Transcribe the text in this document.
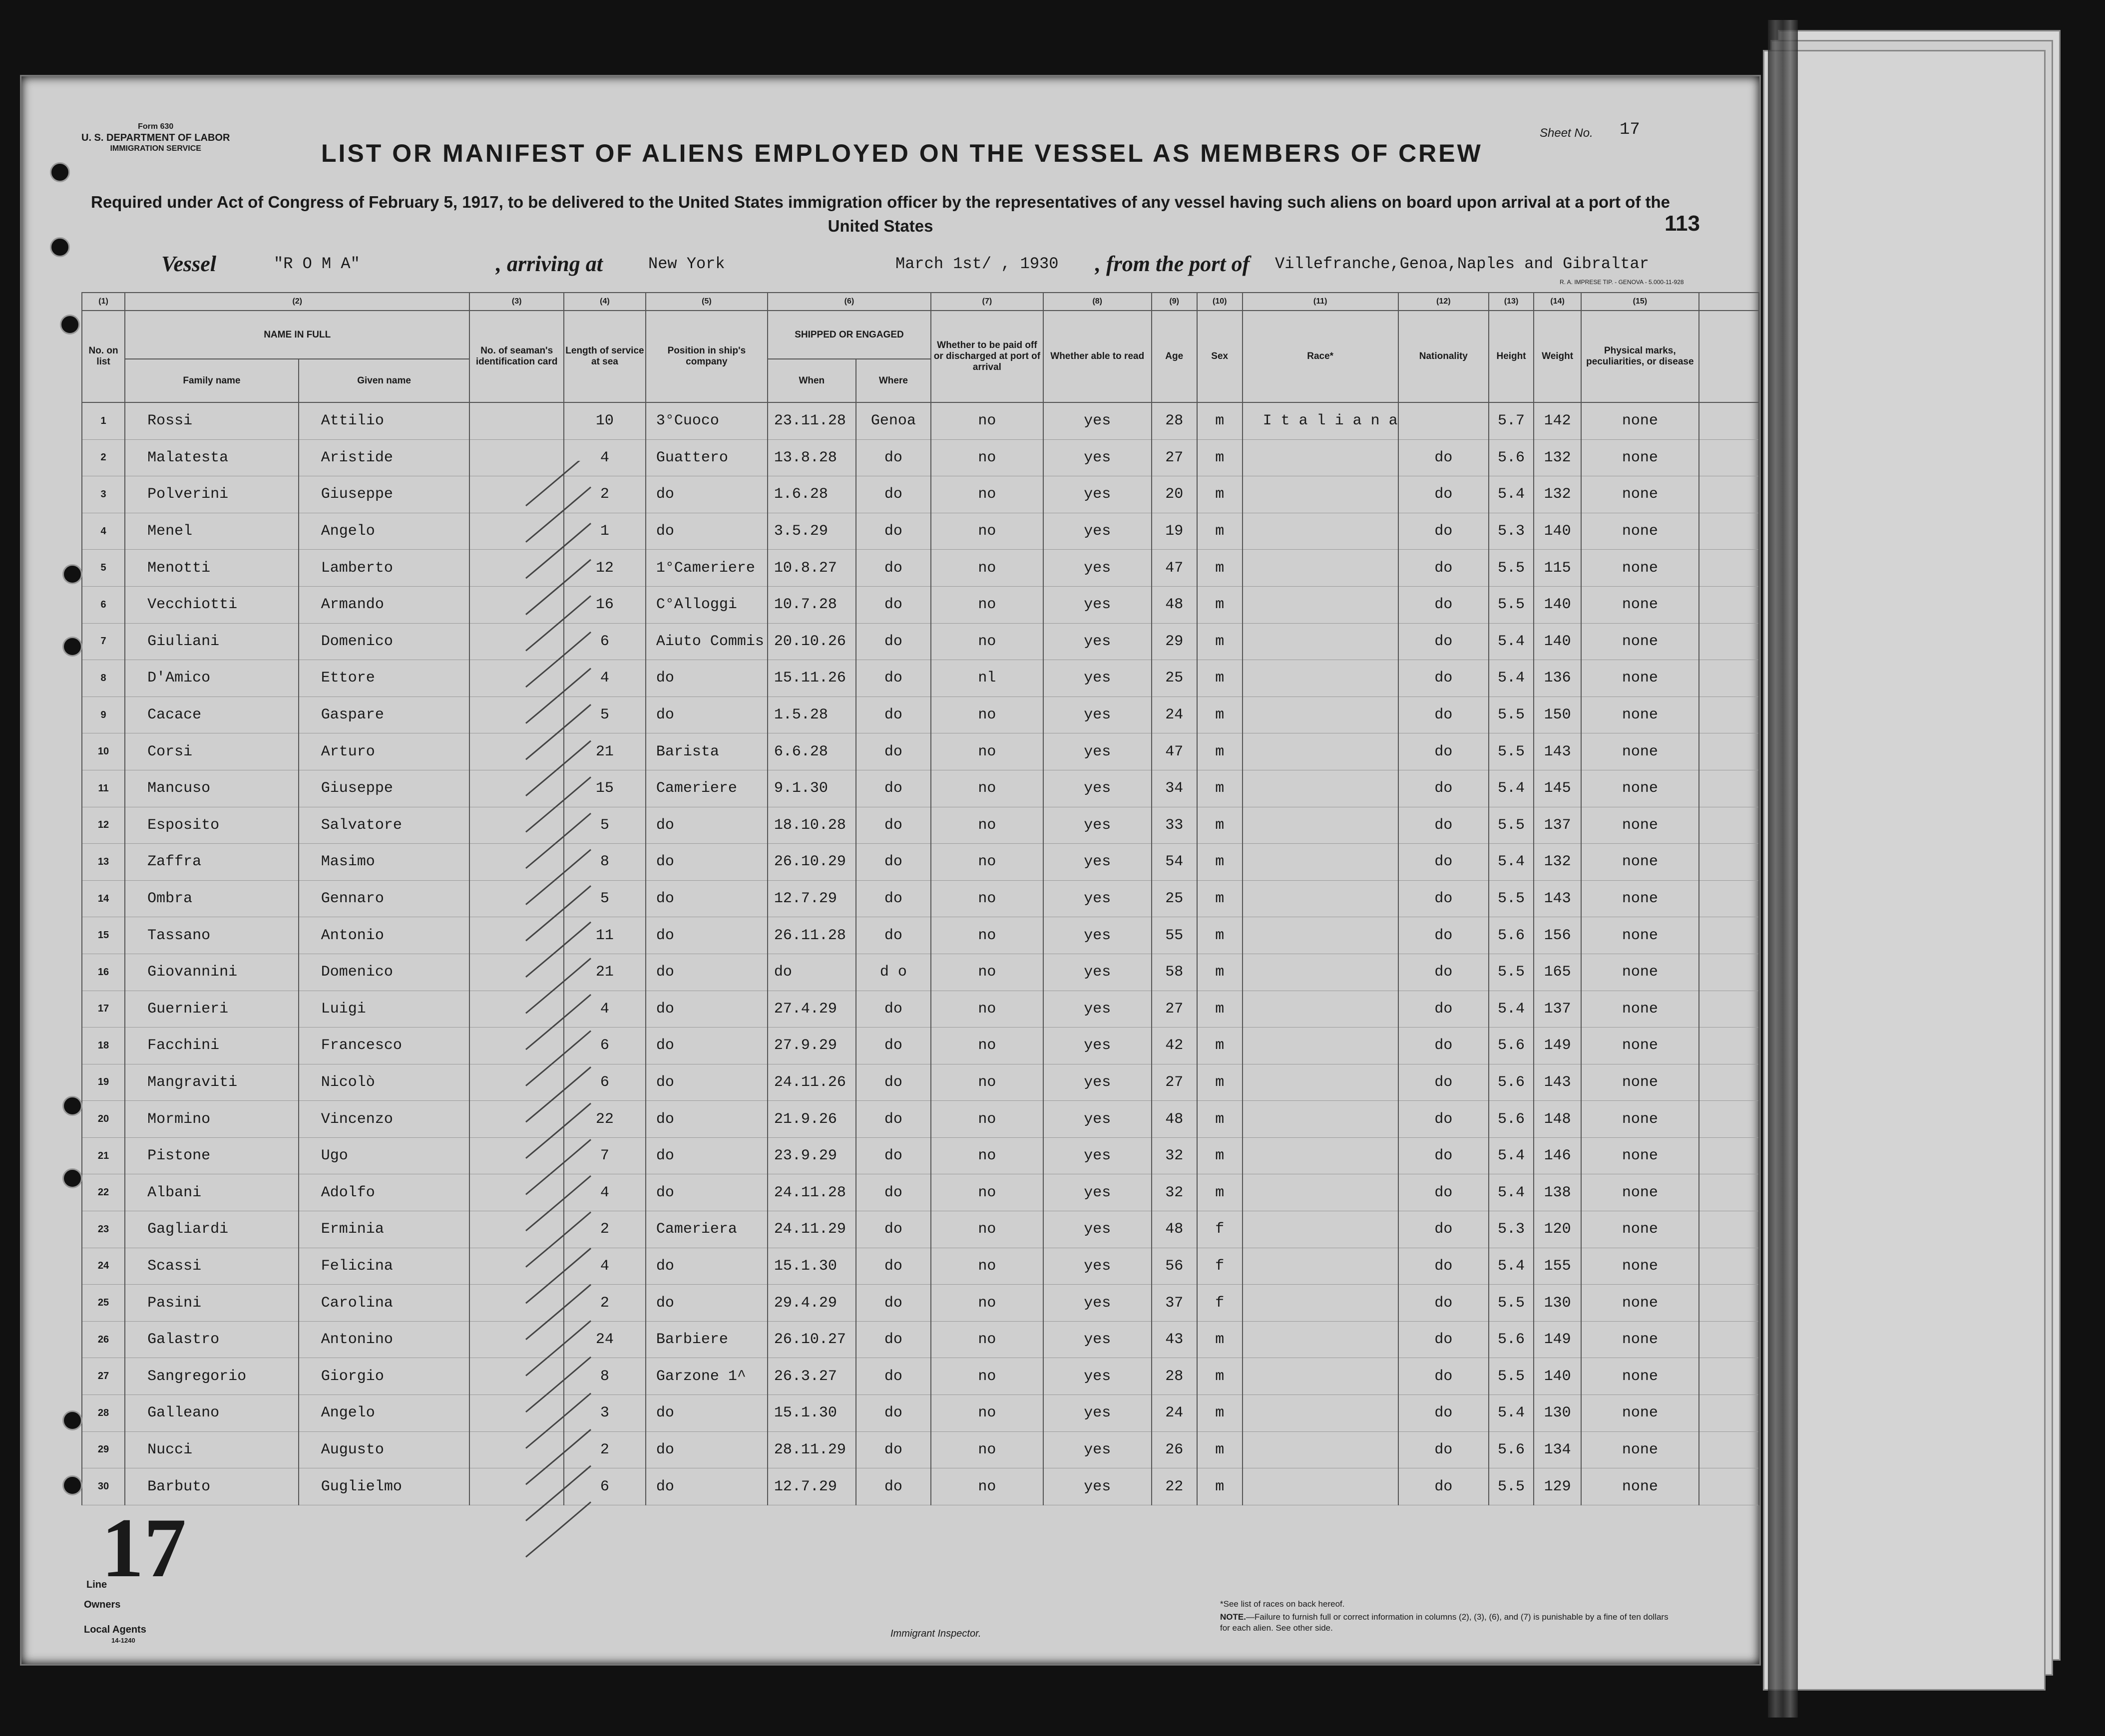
Form 630
U. S. DEPARTMENT OF LABOR
IMMIGRATION SERVICE	LIST OR MANIFEST OF ALIENS EMPLOYED ON THE VESSEL AS MEMBERS OF CREW
Sheet No. 17
Required under Act of Congress of February 5, 1917, to be delivered to the United States immigration officer by the representatives of any vessel having such aliens on board upon arrival at a port of the United States	113
Vessel	"R O M A"	, arriving at	New York	March 1st/ , 1930 , from the port of Villefranche,Genoa,Naples and Gibraltar
R. A. IMPRESE TIP. - GENOVA - 5.000-11-928
(1)	(2)		(3)	(4)	(5)	(6)		(7)	(8)	(9)	(10)	(11)	(12)	(13)	(14)	(15)	
No. on list	NAME IN FULL		No. of seaman's identification card	Length of service at sea	Position in ship's company	SHIPPED OR ENGAGED		Whether to be paid off or discharged at port of arrival	Whether able to read	Age	Sex	Race*	Nationality	Height	Weight	Physical marks, peculiarities, or disease	
	Family name	Given name				When	Where										
1	Rossi	Attilio		10	3°Cuoco	23.11.28	Genoa	no	yes	28	m	I t a l i a n a		5.7	142	none	
2	Malatesta	Aristide		4	Guattero	13.8.28	do	no	yes	27	m		do	5.6	132	none	
3	Polverini	Giuseppe		2	do	1.6.28	do	no	yes	20	m		do	5.4	132	none	
4	Menel	Angelo		1	do	3.5.29	do	no	yes	19	m		do	5.3	140	none	
5	Menotti	Lamberto		12	1°Cameriere	10.8.27	do	no	yes	47	m		do	5.5	115	none	
6	Vecchiotti	Armando		16	C°Alloggi	10.7.28	do	no	yes	48	m		do	5.5	140	none	
7	Giuliani	Domenico		6	Aiuto Commis	20.10.26	do	no	yes	29	m		do	5.4	140	none	
8	D'Amico	Ettore		4	do	15.11.26	do	nl	yes	25	m		do	5.4	136	none	
9	Cacace	Gaspare		5	do	1.5.28	do	no	yes	24	m		do	5.5	150	none	
10	Corsi	Arturo		21	Barista	6.6.28	do	no	yes	47	m		do	5.5	143	none	
11	Mancuso	Giuseppe		15	Cameriere	9.1.30	do	no	yes	34	m		do	5.4	145	none	
12	Esposito	Salvatore		5	do	18.10.28	do	no	yes	33	m		do	5.5	137	none	
13	Zaffra	Masimo		8	do	26.10.29	do	no	yes	54	m		do	5.4	132	none	
14	Ombra	Gennaro		5	do	12.7.29	do	no	yes	25	m		do	5.5	143	none	
15	Tassano	Antonio		11	do	26.11.28	do	no	yes	55	m		do	5.6	156	none	
16	Giovannini	Domenico		21	do	do	d o	no	yes	58	m		do	5.5	165	none	
17	Guernieri	Luigi		4	do	27.4.29	do	no	yes	27	m		do	5.4	137	none	
18	Facchini	Francesco		6	do	27.9.29	do	no	yes	42	m		do	5.6	149	none	
19	Mangraviti	Nicolò		6	do	24.11.26	do	no	yes	27	m		do	5.6	143	none	
20	Mormino	Vincenzo		22	do	21.9.26	do	no	yes	48	m		do	5.6	148	none	
21	Pistone	Ugo		7	do	23.9.29	do	no	yes	32	m		do	5.4	146	none	
22	Albani	Adolfo		4	do	24.11.28	do	no	yes	32	m		do	5.4	138	none	
23	Gagliardi	Erminia		2	Cameriera	24.11.29	do	no	yes	48	f		do	5.3	120	none	
24	Scassi	Felicina		4	do	15.1.30	do	no	yes	56	f		do	5.4	155	none	
25	Pasini	Carolina		2	do	29.4.29	do	no	yes	37	f		do	5.5	130	none	
26	Galastro	Antonino		24	Barbiere	26.10.27	do	no	yes	43	m		do	5.6	149	none	
27	Sangregorio	Giorgio		8	Garzone 1^	26.3.27	do	no	yes	28	m		do	5.5	140	none	
28	Galleano	Angelo		3	do	15.1.30	do	no	yes	24	m		do	5.4	130	none	
29	Nucci	Augusto		2	do	28.11.29	do	no	yes	26	m		do	5.6	134	none	
30	Barbuto	Guglielmo		6	do	12.7.29	do	no	yes	22	m		do	5.5	129	none	
17
Line
Owners
Local Agents
14-1240
Immigrant Inspector.
*See list of races on back hereof.
NOTE.—Failure to furnish full or correct information in columns (2), (3), (6), and (7) is punishable by a fine of ten dollars for each alien. See other side.
